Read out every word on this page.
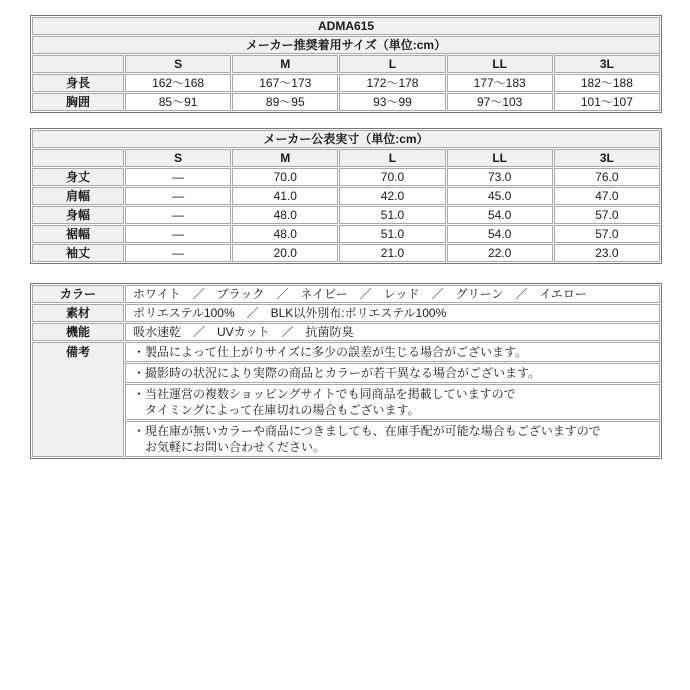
ADMA615					
メーカー推奨着用サイズ（単位:cm）					
	S	M	L	LL	3L
身長	162～168	167～173	172～178	177～183	182～188
胸囲	85～91	89～95	93～99	97～103	101～107
メーカー公表実寸（単位:cm）					
	S	M	L	LL	3L
身丈	―	70.0	70.0	73.0	76.0
肩幅	―	41.0	42.0	45.0	47.0
身幅	―	48.0	51.0	54.0	57.0
裾幅	―	48.0	51.0	54.0	57.0
袖丈	―	20.0	21.0	22.0	23.0
カラー	ホワイト　／　ブラック　／　ネイビー　／　レッド　／　グリーン　／　イエロー
素材	ポリエステル100%　／　BLK以外別布:ポリエステル100%
機能	吸水速乾　／　UVカット　／　抗菌防臭
備考	・製品によって仕上がりサイズに多少の誤差が生じる場合がございます。

	・撮影時の状況により実際の商品とカラーが若干異なる場合がございます。

	・当社運営の複数ショッピングサイトでも同商品を掲載していますので
タイミングによって在庫切れの場合もございます。

	・現在庫が無いカラーや商品につきましても、在庫手配が可能な場合もございますので
お気軽にお問い合わせください。
